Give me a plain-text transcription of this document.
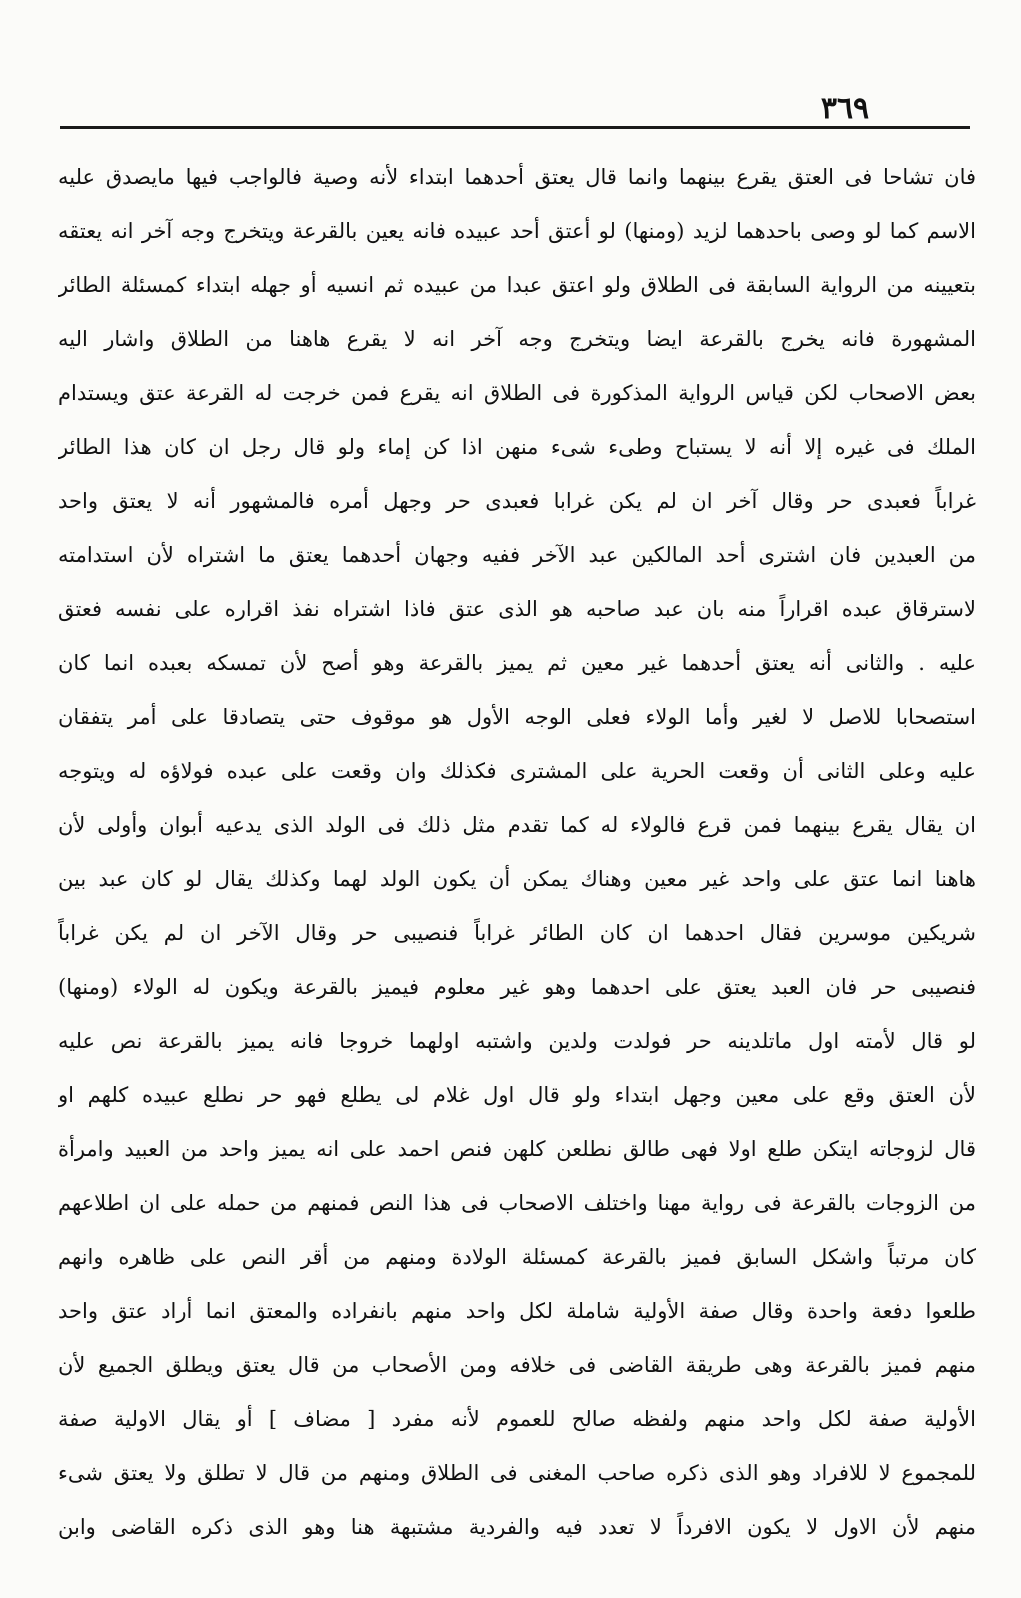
٣٦٩
فان تشاحا فى العتق يقرع بينهما وانما قال يعتق أحدهما ابتداء لأنه وصية فالواجب فيها مايصدق عليه
الاسم كما لو وصى باحدهما لزيد (ومنها) لو أعتق أحد عبيده فانه يعين بالقرعة ويتخرج وجه آخر انه يعتقه
بتعيينه من الرواية السابقة فى الطلاق ولو اعتق عبدا من عبيده ثم انسيه أو جهله ابتداء كمسئلة الطائر
المشهورة فانه يخرج بالقرعة ايضا ويتخرج وجه آخر انه لا يقرع هاهنا من الطلاق واشار اليه
بعض الاصحاب لكن قياس الرواية المذكورة فى الطلاق انه يقرع فمن خرجت له القرعة عتق ويستدام
الملك فى غيره إلا أنه لا يستباح وطىء شىء منهن اذا كن إماء ولو قال رجل ان كان هذا الطائر
غراباً فعبدى حر وقال آخر ان لم يكن غرابا فعبدى حر وجهل أمره فالمشهور أنه لا يعتق واحد
من العبدين فان اشترى أحد المالكين عبد الآخر ففيه وجهان أحدهما يعتق ما اشتراه لأن استدامته
لاسترقاق عبده اقراراً منه بان عبد صاحبه هو الذى عتق فاذا اشتراه نفذ اقراره على نفسه فعتق
عليه . والثانى أنه يعتق أحدهما غير معين ثم يميز بالقرعة وهو أصح لأن تمسكه بعبده انما كان
استصحابا للاصل لا لغير وأما الولاء فعلى الوجه الأول هو موقوف حتى يتصادقا على أمر يتفقان
عليه وعلى الثانى أن وقعت الحرية على المشترى فكذلك وان وقعت على عبده فولاؤه له ويتوجه
ان يقال يقرع بينهما فمن قرع فالولاء له كما تقدم مثل ذلك فى الولد الذى يدعيه أبوان وأولى لأن
هاهنا انما عتق على واحد غير معين وهناك يمكن أن يكون الولد لهما وكذلك يقال لو كان عبد بين
شريكين موسرين فقال احدهما ان كان الطائر غراباً فنصيبى حر وقال الآخر ان لم يكن غراباً
فنصيبى حر فان العبد يعتق على احدهما وهو غير معلوم فيميز بالقرعة ويكون له الولاء (ومنها)
لو قال لأمته اول ماتلدينه حر فولدت ولدين واشتبه اولهما خروجا فانه يميز بالقرعة نص عليه
لأن العتق وقع على معين وجهل ابتداء ولو قال اول غلام لى يطلع فهو حر نطلع عبيده كلهم او
قال لزوجاته ايتكن طلع اولا فهى طالق نطلعن كلهن فنص احمد على انه يميز واحد من العبيد وامرأة
من الزوجات بالقرعة فى رواية مهنا واختلف الاصحاب فى هذا النص فمنهم من حمله على ان اطلاعهم
كان مرتباً واشكل السابق فميز بالقرعة كمسئلة الولادة ومنهم من أقر النص على ظاهره وانهم
طلعوا دفعة واحدة وقال صفة الأولية شاملة لكل واحد منهم بانفراده والمعتق انما أراد عتق واحد
منهم فميز بالقرعة وهى طريقة القاضى فى خلافه ومن الأصحاب من قال يعتق ويطلق الجميع لأن
الأولية صفة لكل واحد منهم ولفظه صالح للعموم لأنه مفرد [ مضاف ] أو يقال الاولية صفة
للمجموع لا للافراد وهو الذى ذكره صاحب المغنى فى الطلاق ومنهم من قال لا تطلق ولا يعتق شىء
منهم لأن الاول لا يكون الافرداً لا تعدد فيه والفردية مشتبهة هنا وهو الذى ذكره القاضى وابن
